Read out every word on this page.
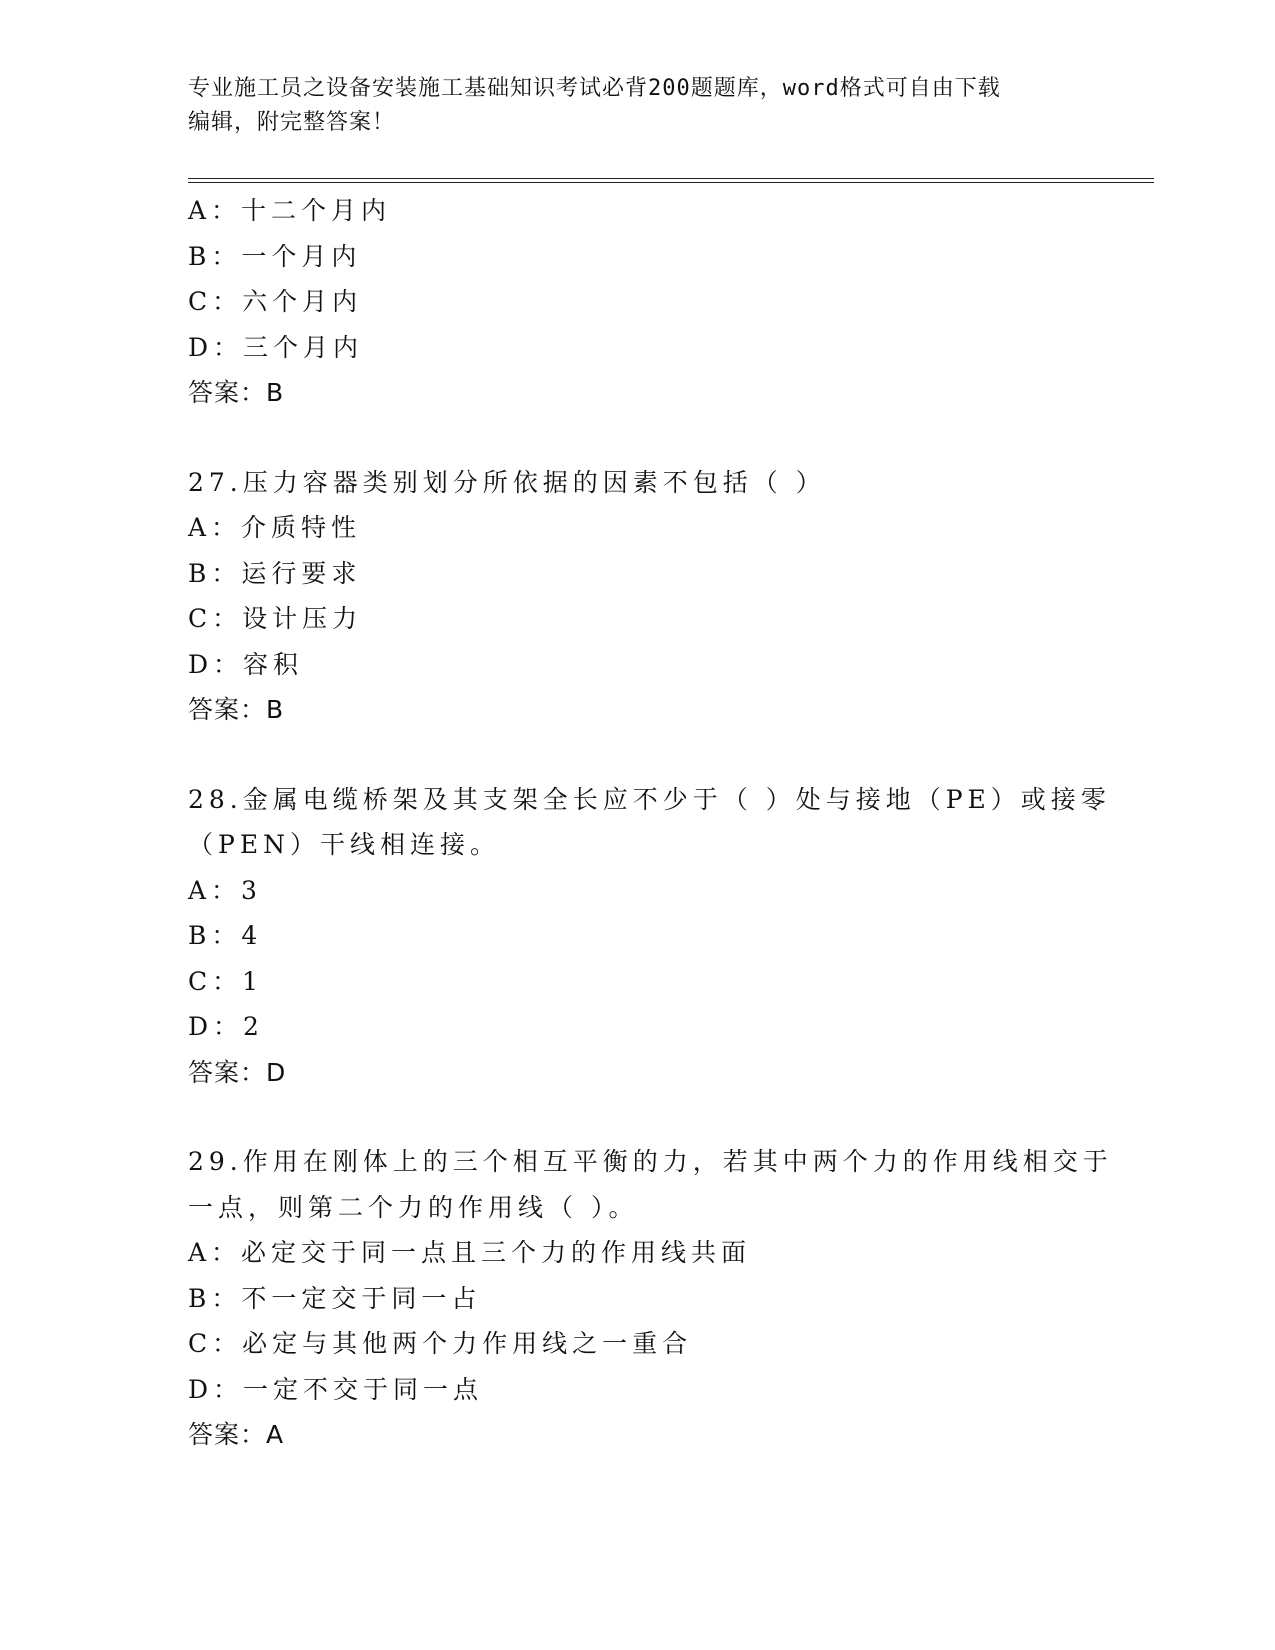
专业施工员之设备安装施工基础知识考试必背200题题库，word格式可自由下载
编辑，附完整答案！
A：十二个月内
B：一个月内
C：六个月内
D：三个月内
答案：B
27.压力容器类别划分所依据的因素不包括（ ）
A：介质特性
B：运行要求
C：设计压力
D：容积
答案：B
28.金属电缆桥架及其支架全长应不少于（ ）处与接地（PE）或接零
（PEN）干线相连接。
A：3
B：4
C：1
D：2
答案：D
29.作用在刚体上的三个相互平衡的力，若其中两个力的作用线相交于
一点，则第二个力的作用线（ ）。
A：必定交于同一点且三个力的作用线共面
B：不一定交于同一占
C：必定与其他两个力作用线之一重合
D：一定不交于同一点
答案：A
